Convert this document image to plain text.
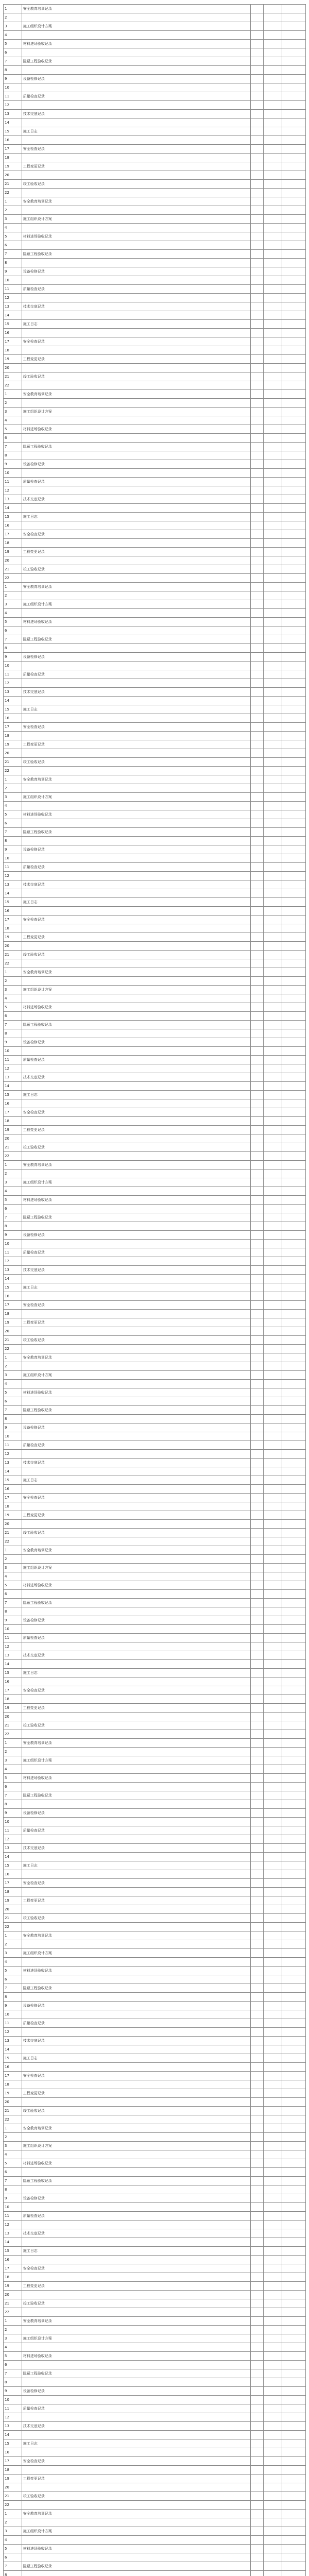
1	安全教育培训记录			
2				
3	施工组织设计方案			
4				
5	材料进场验收记录			
6				
7	隐蔽工程验收记录			
8				
9	设备检修记录			
10				
11	质量检查记录			
12				
13	技术交底记录			
14				
15	施工日志			
16				
17	安全检查记录			
18				
19	工程变更记录			
20				
21	竣工验收记录			
22				
1	安全教育培训记录			
2				
3	施工组织设计方案			
4				
5	材料进场验收记录			
6				
7	隐蔽工程验收记录			
8				
9	设备检修记录			
10				
11	质量检查记录			
12				
13	技术交底记录			
14				
15	施工日志			
16				
17	安全检查记录			
18				
19	工程变更记录			
20				
21	竣工验收记录			
22				
1	安全教育培训记录			
2				
3	施工组织设计方案			
4				
5	材料进场验收记录			
6				
7	隐蔽工程验收记录			
8				
9	设备检修记录			
10				
11	质量检查记录			
12				
13	技术交底记录			
14				
15	施工日志			
16				
17	安全检查记录			
18				
19	工程变更记录			
20				
21	竣工验收记录			
22				
1	安全教育培训记录			
2				
3	施工组织设计方案			
4				
5	材料进场验收记录			
6				
7	隐蔽工程验收记录			
8				
9	设备检修记录			
10				
11	质量检查记录			
12				
13	技术交底记录			
14				
15	施工日志			
16				
17	安全检查记录			
18				
19	工程变更记录			
20				
21	竣工验收记录			
22				
1	安全教育培训记录			
2				
3	施工组织设计方案			
4				
5	材料进场验收记录			
6				
7	隐蔽工程验收记录			
8				
9	设备检修记录			
10				
11	质量检查记录			
12				
13	技术交底记录			
14				
15	施工日志			
16				
17	安全检查记录			
18				
19	工程变更记录			
20				
21	竣工验收记录			
22				
1	安全教育培训记录			
2				
3	施工组织设计方案			
4				
5	材料进场验收记录			
6				
7	隐蔽工程验收记录			
8				
9	设备检修记录			
10				
11	质量检查记录			
12				
13	技术交底记录			
14				
15	施工日志			
16				
17	安全检查记录			
18				
19	工程变更记录			
20				
21	竣工验收记录			
22				
1	安全教育培训记录			
2				
3	施工组织设计方案			
4				
5	材料进场验收记录			
6				
7	隐蔽工程验收记录			
8				
9	设备检修记录			
10				
11	质量检查记录			
12				
13	技术交底记录			
14				
15	施工日志			
16				
17	安全检查记录			
18				
19	工程变更记录			
20				
21	竣工验收记录			
22				
1	安全教育培训记录			
2				
3	施工组织设计方案			
4				
5	材料进场验收记录			
6				
7	隐蔽工程验收记录			
8				
9	设备检修记录			
10				
11	质量检查记录			
12				
13	技术交底记录			
14				
15	施工日志			
16				
17	安全检查记录			
18				
19	工程变更记录			
20				
21	竣工验收记录			
22				
1	安全教育培训记录			
2				
3	施工组织设计方案			
4				
5	材料进场验收记录			
6				
7	隐蔽工程验收记录			
8				
9	设备检修记录			
10				
11	质量检查记录			
12				
13	技术交底记录			
14				
15	施工日志			
16				
17	安全检查记录			
18				
19	工程变更记录			
20				
21	竣工验收记录			
22				
1	安全教育培训记录			
2				
3	施工组织设计方案			
4				
5	材料进场验收记录			
6				
7	隐蔽工程验收记录			
8				
9	设备检修记录			
10				
11	质量检查记录			
12				
13	技术交底记录			
14				
15	施工日志			
16				
17	安全检查记录			
18				
19	工程变更记录			
20				
21	竣工验收记录			
22				
1	安全教育培训记录			
2				
3	施工组织设计方案			
4				
5	材料进场验收记录			
6				
7	隐蔽工程验收记录			
8				
9	设备检修记录			
10				
11	质量检查记录			
12				
13	技术交底记录			
14				
15	施工日志			
16				
17	安全检查记录			
18				
19	工程变更记录			
20				
21	竣工验收记录			
22				
1	安全教育培训记录			
2				
3	施工组织设计方案			
4				
5	材料进场验收记录			
6				
7	隐蔽工程验收记录			
8				
9	设备检修记录			
10				
11	质量检查记录			
12				
13	技术交底记录			
14				
15	施工日志			
16				
17	安全检查记录			
18				
19	工程变更记录			
20				
21	竣工验收记录			
22				
1	安全教育培训记录			
2				
3	施工组织设计方案			
4				
5	材料进场验收记录			
6				
7	隐蔽工程验收记录			
8				
9	设备检修记录			
10				
11	质量检查记录			
12				
13	技术交底记录			
14				
15	施工日志			
16				
17	安全检查记录			
18				
19	工程变更记录			
20				
21	竣工验收记录			
22				
1	安全教育培训记录			
2				
3	施工组织设计方案			
4				
5	材料进场验收记录			
6				
7	隐蔽工程验收记录			
8				
